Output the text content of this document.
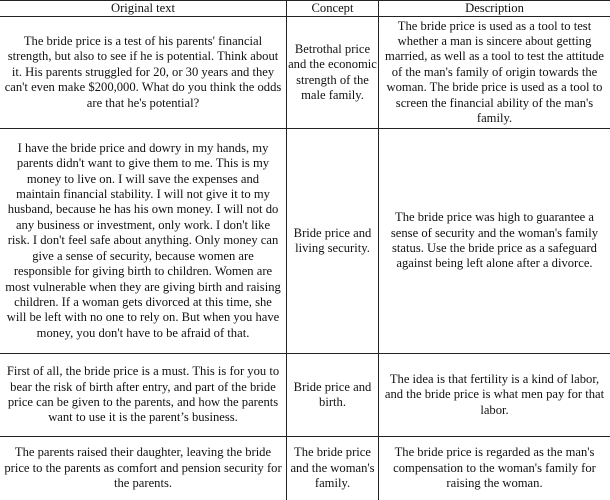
Original text	Concept	Description
The bride price is a test of his parents' financial strength, but also to see if he is potential. Think about it. His parents struggled for 20, or 30 years and they can't even make $200,000. What do you think the odds are that he's potential?
Betrothal price and the economic strength of the male family.
The bride price is used as a tool to test whether a man is sincere about getting married, as well as a tool to test the attitude of the man's family of origin towards the woman. The bride price is used as a tool to screen the financial ability of the man's family.
I have the bride price and dowry in my hands, my parents didn't want to give them to me. This is my money to live on. I will save the expenses and maintain financial stability. I will not give it to my husband, because he has his own money. I will not do any business or investment, only work. I don't like risk. I don't feel safe about anything. Only money can give a sense of security, because women are responsible for giving birth to children. Women are most vulnerable when they are giving birth and raising children. If a woman gets divorced at this time, she will be left with no one to rely on. But when you have money, you don't have to be afraid of that.
Bride price and living security.
The bride price was high to guarantee a sense of security and the woman's family status. Use the bride price as a safeguard against being left alone after a divorce.
First of all, the bride price is a must. This is for you to bear the risk of birth after entry, and part of the bride price can be given to the parents, and how the parents want to use it is the parent’s business.
Bride price and birth.
The idea is that fertility is a kind of labor, and the bride price is what men pay for that labor.
The parents raised their daughter, leaving the bride price to the parents as comfort and pension security for the parents.
The bride price and the woman's family.
The bride price is regarded as the man's compensation to the woman's family for raising the woman.
